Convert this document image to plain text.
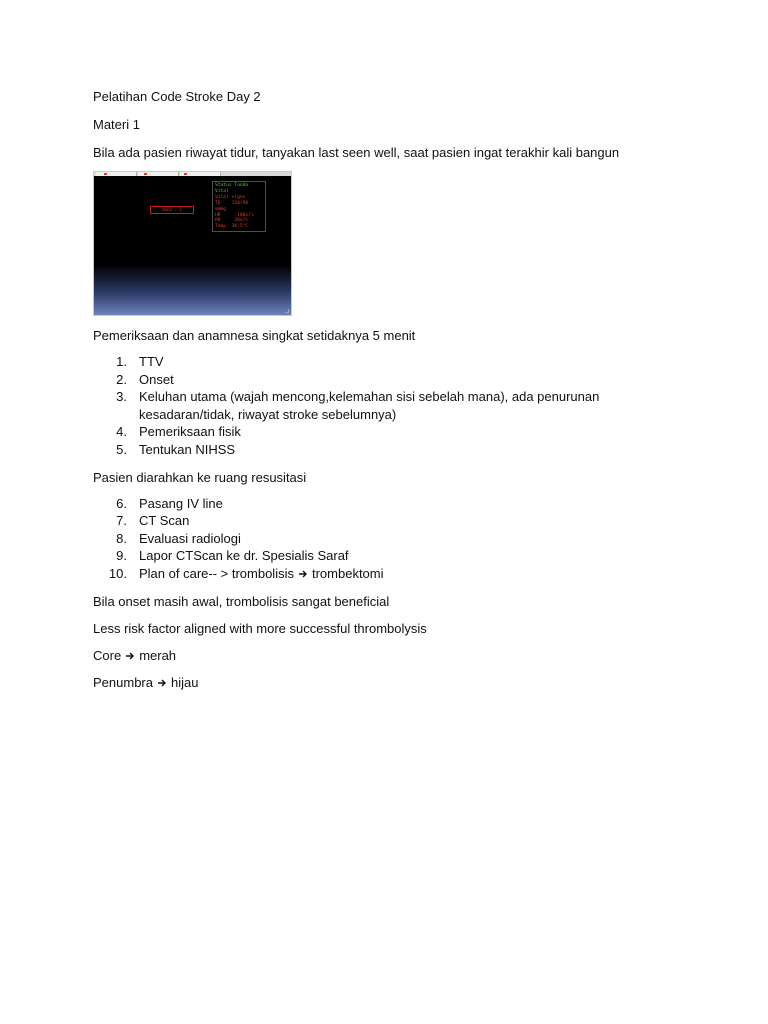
Pelatihan Code Stroke Day 2

Materi 1

Bila ada pasien riwayat tidur, tanyakan last seen well, saat pasien ingat terakhir kali bangun

WARD : 1
Status Tanda
Vital
Vital signs
TD    150/90
mmHg
HR      100x/i
RR     20x/i
Temp  36.5°C

Pemeriksaan dan anamnesa singkat setidaknya 5 menit

1. TTV
2. Onset
3. Keluhan utama (wajah mencong,kelemahan sisi sebelah mana), ada penurunan
kesadaran/tidak, riwayat stroke sebelumnya)
4. Pemeriksaan fisik
5. Tentukan NIHSS

Pasien diarahkan ke ruang resusitasi

6. Pasang IV line
7. CT Scan
8. Evaluasi radiologi
9. Lapor CTScan ke dr. Spesialis Saraf
10. Plan of care-- > trombolisis trombektomi

Bila onset masih awal, trombolisis sangat beneficial

Less risk factor aligned with more successful thrombolysis

Core merah

Penumbra hijau
